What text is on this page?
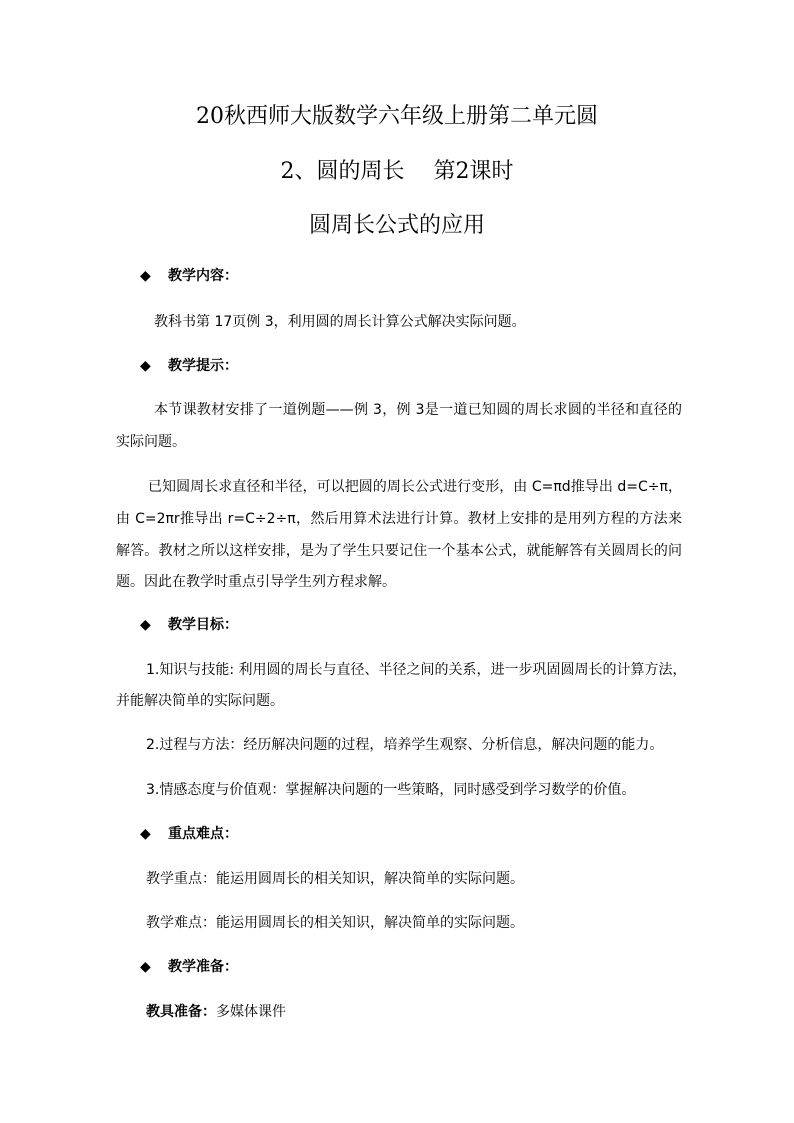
20秋西师大版数学六年级上册第二单元圆
2、圆的周长　 第2课时
圆周长公式的应用
◆ 教学内容：
教科书第 17页例 3，利用圆的周长计算公式解决实际问题。
◆ 教学提示：
本节课教材安排了一道例题——例 3，例 3是一道已知圆的周长求圆的半径和直径的
实际问题。
已知圆周长求直径和半径，可以把圆的周长公式进行变形，由 C=πd推导出 d=C÷π，
由 C=2πr推导出 r=C÷2÷π，然后用算术法进行计算。教材上安排的是用列方程的方法来
解答。教材之所以这样安排，是为了学生只要记住一个基本公式，就能解答有关圆周长的问
题。因此在教学时重点引导学生列方程求解。
◆ 教学目标：
1.知识与技能: 利用圆的周长与直径、半径之间的关系，进一步巩固圆周长的计算方法，
并能解决简单的实际问题。
2.过程与方法：经历解决问题的过程，培养学生观察、分析信息，解决问题的能力。
3.情感态度与价值观：掌握解决问题的一些策略，同时感受到学习数学的价值。
◆ 重点难点：
教学重点：能运用圆周长的相关知识，解决简单的实际问题。
教学难点：能运用圆周长的相关知识，解决简单的实际问题。
◆ 教学准备：
教具准备：多媒体课件
